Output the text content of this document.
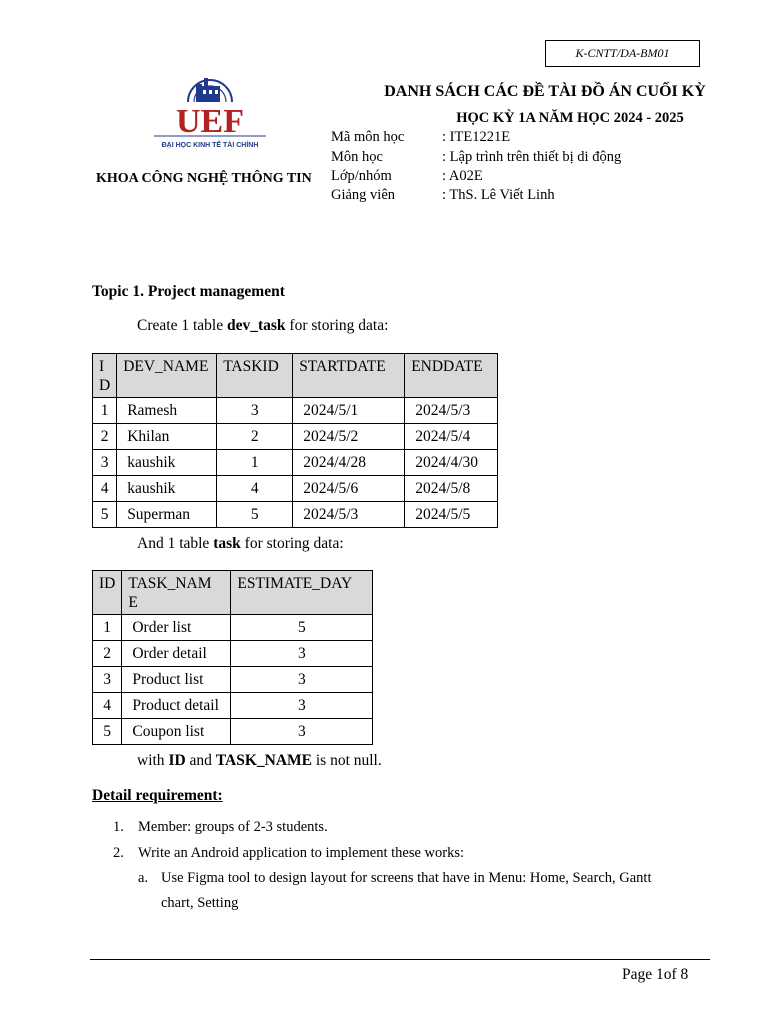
K-CNTT/DA-BM01
UEF
ĐẠI HỌC KINH TẾ TÀI CHÍNH
KHOA CÔNG NGHỆ THÔNG TIN
DANH SÁCH CÁC ĐỀ TÀI ĐỒ ÁN CUỐI KỲ
HỌC KỲ 1A NĂM HỌC 2024 - 2025
Mã môn học	: ITE1221E
Môn học	: Lập trình trên thiết bị di động
Lớp/nhóm	: A02E
Giảng viên	: ThS. Lê Viết Linh
Topic 1. Project management
Create 1 table dev_task for storing data:
I D	DEV_NAME	TASKID	STARTDATE	ENDDATE
1	Ramesh	3	2024/5/1	2024/5/3
2	Khilan	2	2024/5/2	2024/5/4
3	kaushik	1	2024/4/28	2024/4/30
4	kaushik	4	2024/5/6	2024/5/8
5	Superman	5	2024/5/3	2024/5/5
And 1 table task for storing data:
ID	TASK_NAM E	ESTIMATE_DAY
1	Order list	5
2	Order detail	3
3	Product list	3
4	Product detail	3
5	Coupon list	3
with ID and TASK_NAME is not null.
Detail requirement:
1. Member: groups of 2-3 students.
2. Write an Android application to implement these works:
a. Use Figma tool to design layout for screens that have in Menu: Home, Search, Gantt
chart, Setting
Page 1of 8
